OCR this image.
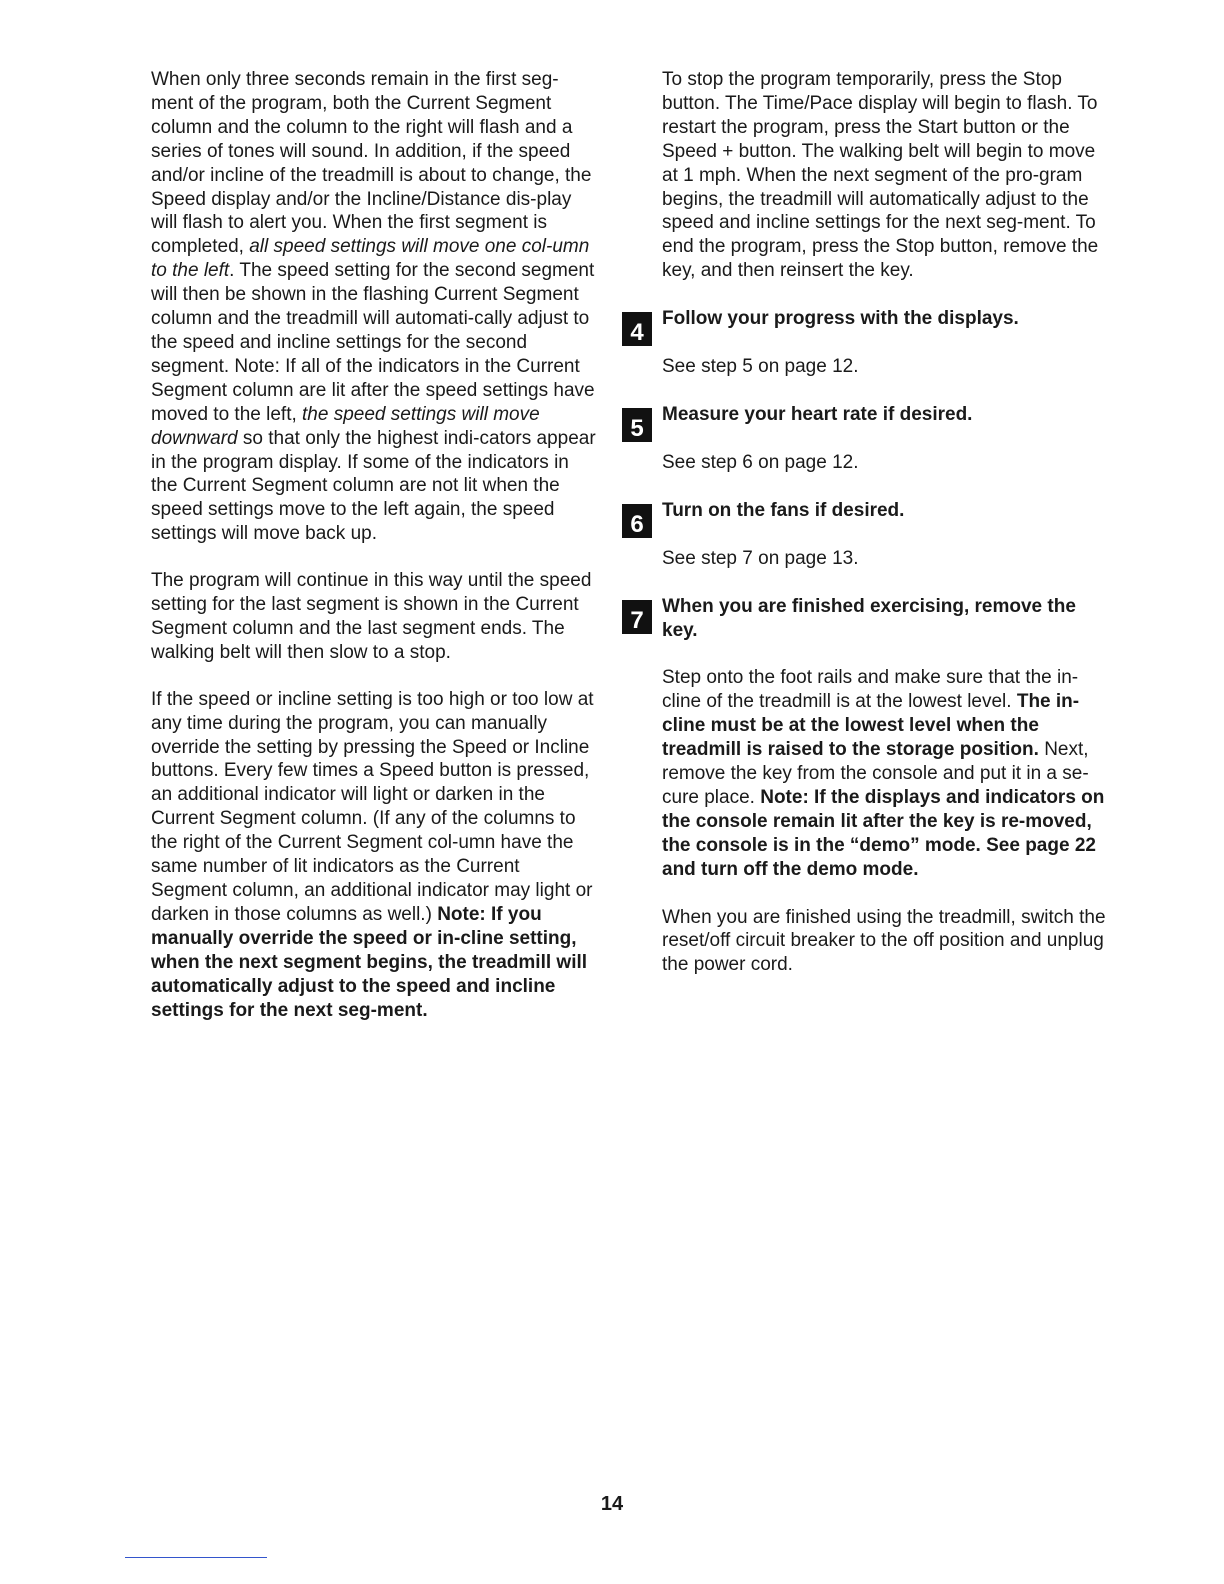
When only three seconds remain in the first seg-ment of the program, both the Current Segment column and the column to the right will flash and a series of tones will sound. In addition, if the speed and/or incline of the treadmill is about to change, the Speed display and/or the Incline/Distance dis-play will flash to alert you. When the first segment is completed, all speed settings will move one col-umn to the left. The speed setting for the second segment will then be shown in the flashing Current Segment column and the treadmill will automati-cally adjust to the speed and incline settings for the second segment. Note: If all of the indicators in the Current Segment column are lit after the speed settings have moved to the left, the speed settings will move downward so that only the highest indi-cators appear in the program display. If some of the indicators in the Current Segment column are not lit when the speed settings move to the left again, the speed settings will move back up.

The program will continue in this way until the speed setting for the last segment is shown in the Current Segment column and the last segment ends. The walking belt will then slow to a stop.

If the speed or incline setting is too high or too low at any time during the program, you can manually override the setting by pressing the Speed or Incline buttons. Every few times a Speed button is pressed, an additional indicator will light or darken in the Current Segment column. (If any of the columns to the right of the Current Segment col-umn have the same number of lit indicators as the Current Segment column, an additional indicator may light or darken in those columns as well.) Note: If you manually override the speed or in-cline setting, when the next segment begins, the treadmill will automatically adjust to the speed and incline settings for the next seg-ment.

To stop the program temporarily, press the Stop button. The Time/Pace display will begin to flash. To restart the program, press the Start button or the Speed + button. The walking belt will begin to move at 1 mph. When the next segment of the pro-gram begins, the treadmill will automatically adjust to the speed and incline settings for the next seg-ment. To end the program, press the Stop button, remove the key, and then reinsert the key.

4
Follow your progress with the displays.

See step 5 on page 12.

5
Measure your heart rate if desired.

See step 6 on page 12.

6
Turn on the fans if desired.

See step 7 on page 13.

7
When you are finished exercising, remove the key.

Step onto the foot rails and make sure that the in-cline of the treadmill is at the lowest level. The in-cline must be at the lowest level when the treadmill is raised to the storage position. Next, remove the key from the console and put it in a se-cure place. Note: If the displays and indicators on the console remain lit after the key is re-moved, the console is in the “demo” mode. See page 22 and turn off the demo mode.

When you are finished using the treadmill, switch the reset/off circuit breaker to the off position and unplug the power cord.

14
